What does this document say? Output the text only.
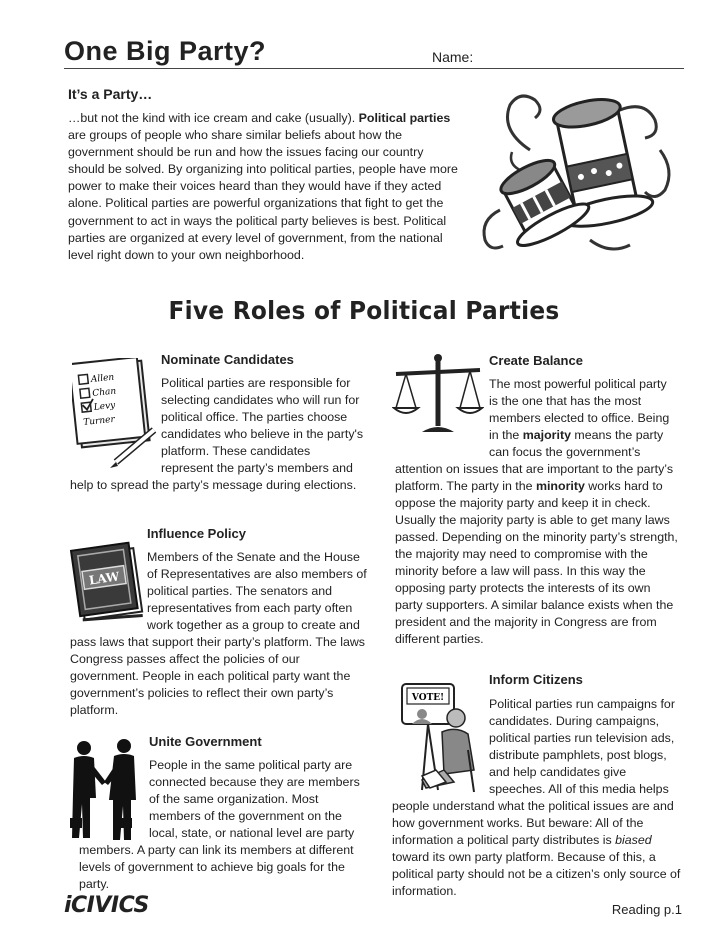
One Big Party?	Name:
It’s a Party…
…but not the kind with ice cream and cake (usually). Political parties are groups of people who share similar beliefs about how the government should be run and how the issues facing our country should be solved. By organizing into political parties, people have more power to make their voices heard than they would have if they acted alone. Political parties are powerful organizations that fight to get the government to act in ways the political party believes is best. Political parties are organized at every level of government, from the national level right down to your own neighborhood.
Five Roles of Political Parties
Allen
Chan
Levy
Turner
Nominate Candidates
Political parties are responsible for selecting candidates who will run for political office. The parties choose candidates who believe in the party's platform. These candidates represent the party’s members and help to spread the party’s message during elections.
LAW
Influence Policy
Members of the Senate and the House of Representatives are also members of political parties. The senators and representatives from each party often work together as a group to create and pass laws that support their party’s platform. The laws Congress passes affect the policies of our government. People in each political party want the government’s policies to reflect their own party’s platform.
Unite Government
People in the same political party are connected because they are members of the same organization. Most members of the government on the local, state, or national level are party members. A party can link its members at different levels of government to achieve big goals for the party.
Create Balance
The most powerful political party is the one that has the most members elected to office. Being in the majority means the party can focus the government’s attention on issues that are important to the party’s platform. The party in the minority works hard to oppose the majority party and keep it in check. Usually the majority party is able to get many laws passed. Depending on the minority party’s strength, the majority may need to compromise with the minority before a law will pass. In this way the opposing party protects the interests of its own party supporters. A similar balance exists when the president and the majority in Congress are from different parties.
VOTE!
Inform Citizens
Political parties run campaigns for candidates. During campaigns, political parties run television ads, distribute pamphlets, post blogs, and help candidates give speeches. All of this media helps people understand what the political issues are and how government works. But beware: All of the information a political party distributes is biased toward its own party platform. Because of this, a political party should not be a citizen’s only source of information.
iCIVICS	Reading p.1
